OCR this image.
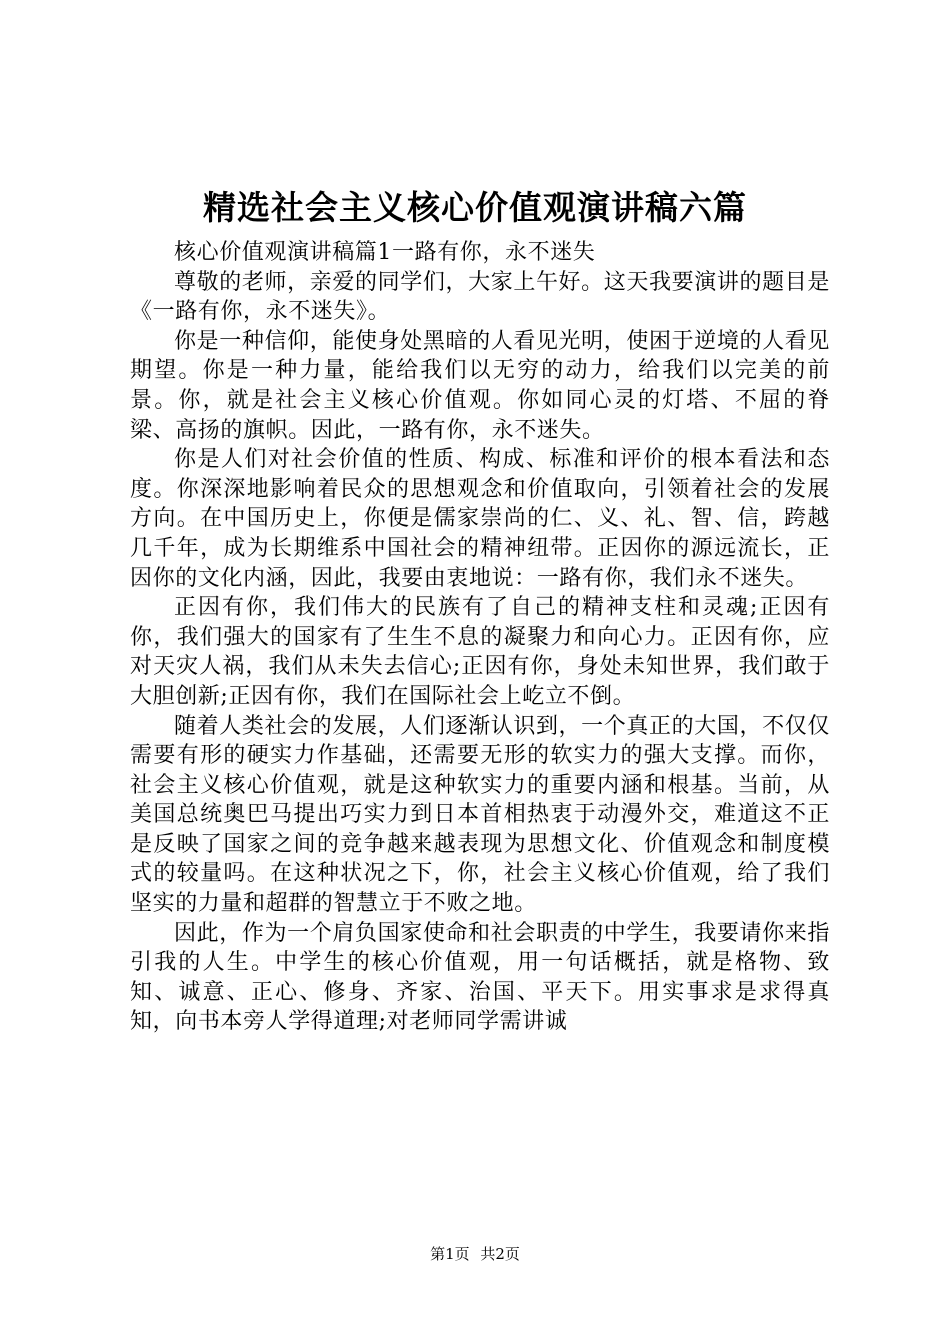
精选社会主义核心价值观演讲稿六篇

核心价值观演讲稿篇1一路有你，永不迷失

尊敬的老师，亲爱的同学们，大家上午好。这天我要演讲的题目是《一路有你，永不迷失》。

你是一种信仰，能使身处黑暗的人看见光明，使困于逆境的人看见期望。你是一种力量，能给我们以无穷的动力，给我们以完美的前景。你，就是社会主义核心价值观。你如同心灵的灯塔、不屈的脊梁、高扬的旗帜。因此，一路有你，永不迷失。

你是人们对社会价值的性质、构成、标准和评价的根本看法和态度。你深深地影响着民众的思想观念和价值取向，引领着社会的发展方向。在中国历史上，你便是儒家崇尚的仁、义、礼、智、信，跨越几千年，成为长期维系中国社会的精神纽带。正因你的源远流长，正因你的文化内涵，因此，我要由衷地说：一路有你，我们永不迷失。

正因有你，我们伟大的民族有了自己的精神支柱和灵魂;正因有你，我们强大的国家有了生生不息的凝聚力和向心力。正因有你，应对天灾人祸，我们从未失去信心;正因有你，身处未知世界，我们敢于大胆创新;正因有你，我们在国际社会上屹立不倒。

随着人类社会的发展，人们逐渐认识到，一个真正的大国，不仅仅需要有形的硬实力作基础，还需要无形的软实力的强大支撑。而你，社会主义核心价值观，就是这种软实力的重要内涵和根基。当前，从美国总统奥巴马提出巧实力到日本首相热衷于动漫外交，难道这不正是反映了国家之间的竞争越来越表现为思想文化、价值观念和制度模式的较量吗。在这种状况之下，你，社会主义核心价值观，给了我们坚实的力量和超群的智慧立于不败之地。

因此，作为一个肩负国家使命和社会职责的中学生，我要请你来指引我的人生。中学生的核心价值观，用一句话概括，就是格物、致知、诚意、正心、修身、齐家、治国、平天下。用实事求是求得真知，向书本旁人学得道理;对老师同学需讲诚

第1页 共2页
